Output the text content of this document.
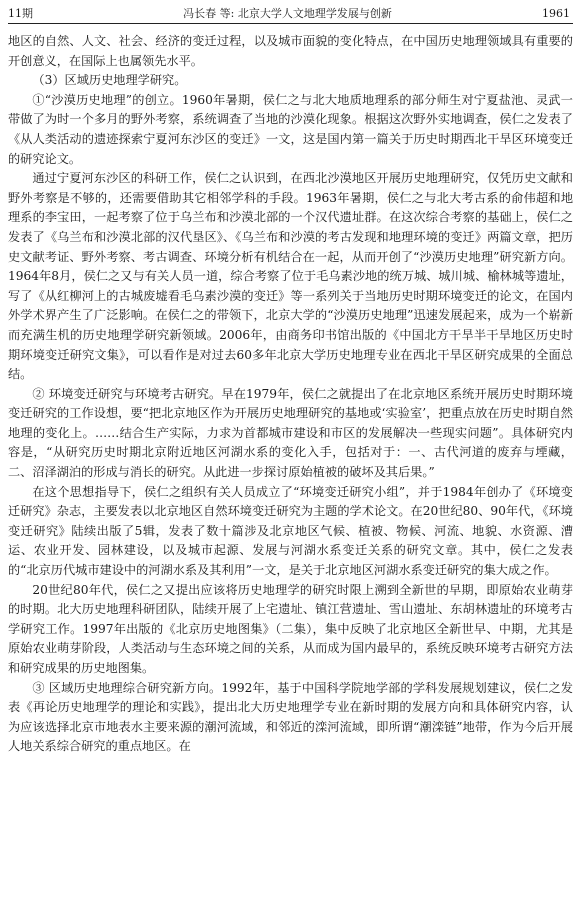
11期	冯长春 等: 北京大学人文地理学发展与创新	1961

地区的自然、人文、社会、经济的变迁过程，以及城市面貌的变化特点，在中国历史地理领域具有重要的开创意义，在国际上也属领先水平。

（3）区域历史地理学研究。

①“沙漠历史地理”的创立。1960年暑期，侯仁之与北大地质地理系的部分师生对宁夏盐池、灵武一带做了为时一个多月的野外考察，系统调查了当地的沙漠化现象。根据这次野外实地调查，侯仁之发表了《从人类活动的遗迹探索宁夏河东沙区的变迁》一文，这是国内第一篇关于历史时期西北干旱区环境变迁的研究论文。

通过宁夏河东沙区的科研工作，侯仁之认识到，在西北沙漠地区开展历史地理研究，仅凭历史文献和野外考察是不够的，还需要借助其它相邻学科的手段。1963年暑期，侯仁之与北大考古系的俞伟超和地理系的李宝田，一起考察了位于乌兰布和沙漠北部的一个汉代遗址群。在这次综合考察的基础上，侯仁之发表了《乌兰布和沙漠北部的汉代垦区》、《乌兰布和沙漠的考古发现和地理环境的变迁》两篇文章，把历史文献考证、野外考察、考古调查、环境分析有机结合在一起，从而开创了“沙漠历史地理”研究新方向。1964年8月，侯仁之又与有关人员一道，综合考察了位于毛乌素沙地的统万城、城川城、榆林城等遗址，写了《从红柳河上的古城废墟看毛乌素沙漠的变迁》等一系列关于当地历史时期环境变迁的论文，在国内外学术界产生了广泛影响。在侯仁之的带领下，北京大学的“沙漠历史地理”迅速发展起来，成为一个崭新而充满生机的历史地理学研究新领域。2006年，由商务印书馆出版的《中国北方干旱半干旱地区历史时期环境变迁研究文集》，可以看作是对过去60多年北京大学历史地理专业在西北干旱区研究成果的全面总结。

② 环境变迁研究与环境考古研究。早在1979年，侯仁之就提出了在北京地区系统开展历史时期环境变迁研究的工作设想，要“把北京地区作为开展历史地理研究的基地或‘实验室’，把重点放在历史时期自然地理的变化上。……结合生产实际，力求为首都城市建设和市区的发展解决一些现实问题”。具体研究内容是，“从研究历史时期北京附近地区河湖水系的变化入手，包括对于：一、古代河道的废弃与堙藏，二、沼泽湖泊的形成与消长的研究。从此进一步探讨原始植被的破坏及其后果。”

在这个思想指导下，侯仁之组织有关人员成立了“环境变迁研究小组”，并于1984年创办了《环境变迁研究》杂志，主要发表以北京地区自然环境变迁研究为主题的学术论文。在20世纪80、90年代，《环境变迁研究》陆续出版了5辑，发表了数十篇涉及北京地区气候、植被、物候、河流、地貌、水资源、漕运、农业开发、园林建设，以及城市起源、发展与河湖水系变迁关系的研究文章。其中，侯仁之发表的“北京历代城市建设中的河湖水系及其利用”一文，是关于北京地区河湖水系变迁研究的集大成之作。

20世纪80年代，侯仁之又提出应该将历史地理学的研究时限上溯到全新世的早期，即原始农业萌芽的时期。北大历史地理科研团队，陆续开展了上宅遗址、镇江营遗址、雪山遗址、东胡林遗址的环境考古学研究工作。1997年出版的《北京历史地图集》（二集），集中反映了北京地区全新世早、中期，尤其是原始农业萌芽阶段，人类活动与生态环境之间的关系，从而成为国内最早的，系统反映环境考古研究方法和研究成果的历史地图集。

③ 区域历史地理综合研究新方向。1992年，基于中国科学院地学部的学科发展规划建议，侯仁之发表《再论历史地理学的理论和实践》，提出北大历史地理学专业在新时期的发展方向和具体研究内容，认为应该选择北京市地表水主要来源的潮河流域，和邻近的滦河流域，即所谓“潮滦链”地带，作为今后开展人地关系综合研究的重点地区。在
